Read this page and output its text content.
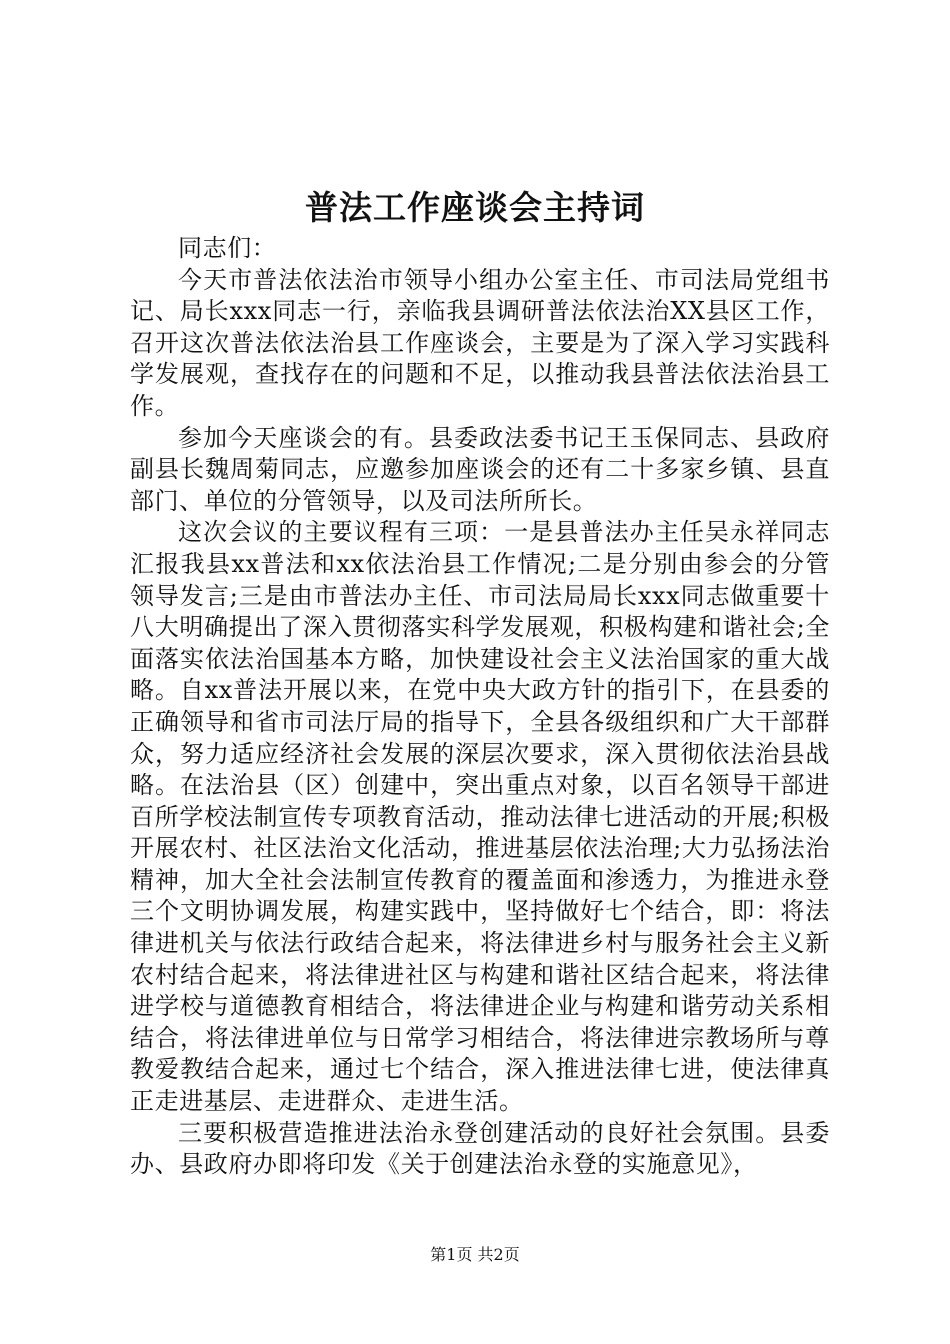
普法工作座谈会主持词

同志们：

今天市普法依法治市领导小组办公室主任、市司法局党组书记、局长xxx同志一行，亲临我县调研普法依法治XX县区工作，召开这次普法依法治县工作座谈会，主要是为了深入学习实践科学发展观，查找存在的问题和不足，以推动我县普法依法治县工作。

参加今天座谈会的有。县委政法委书记王玉保同志、县政府副县长魏周菊同志，应邀参加座谈会的还有二十多家乡镇、县直部门、单位的分管领导，以及司法所所长。

这次会议的主要议程有三项：一是县普法办主任吴永祥同志汇报我县xx普法和xx依法治县工作情况;二是分别由参会的分管领导发言;三是由市普法办主任、市司法局局长xxx同志做重要十八大明确提出了深入贯彻落实科学发展观，积极构建和谐社会;全面落实依法治国基本方略，加快建设社会主义法治国家的重大战略。自xx普法开展以来，在党中央大政方针的指引下，在县委的正确领导和省市司法厅局的指导下，全县各级组织和广大干部群众，努力适应经济社会发展的深层次要求，深入贯彻依法治县战略。在法治县（区）创建中，突出重点对象，以百名领导干部进百所学校法制宣传专项教育活动，推动法律七进活动的开展;积极开展农村、社区法治文化活动，推进基层依法治理;大力弘扬法治精神，加大全社会法制宣传教育的覆盖面和渗透力，为推进永登三个文明协调发展，构建实践中，坚持做好七个结合，即：将法律进机关与依法行政结合起来，将法律进乡村与服务社会主义新农村结合起来，将法律进社区与构建和谐社区结合起来，将法律进学校与道德教育相结合，将法律进企业与构建和谐劳动关系相结合，将法律进单位与日常学习相结合，将法律进宗教场所与尊教爱教结合起来，通过七个结合，深入推进法律七进，使法律真正走进基层、走进群众、走进生活。

三要积极营造推进法治永登创建活动的良好社会氛围。县委办、县政府办即将印发《关于创建法治永登的实施意见》，

第1页 共2页
